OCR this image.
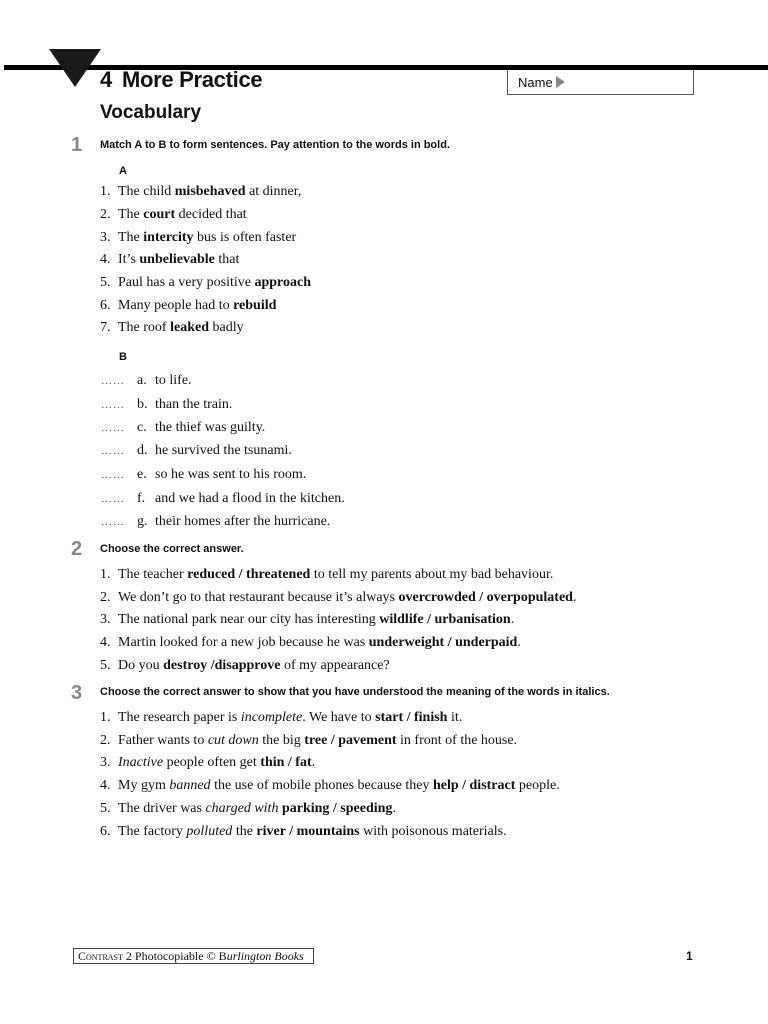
4 More Practice	Name
Vocabulary
1 Match A to B to form sentences. Pay attention to the words in bold.
A
1. The child misbehaved at dinner,
2. The court decided that
3. The intercity bus is often faster
4. It’s unbelievable that
5. Paul has a very positive approach
6. Many people had to rebuild
7. The roof leaked badly
B
…… a. to life.
…… b. than the train.
…… c. the thief was guilty.
…… d. he survived the tsunami.
…… e. so he was sent to his room.
…… f. and we had a flood in the kitchen.
…… g. their homes after the hurricane.
2 Choose the correct answer.
1. The teacher reduced / threatened to tell my parents about my bad behaviour.
2. We don’t go to that restaurant because it’s always overcrowded / overpopulated.
3. The national park near our city has interesting wildlife / urbanisation.
4. Martin looked for a new job because he was underweight / underpaid.
5. Do you destroy /disapprove of my appearance?
3 Choose the correct answer to show that you have understood the meaning of the words in italics.
1. The research paper is incomplete. We have to start / finish it.
2. Father wants to cut down the big tree / pavement in front of the house.
3. Inactive people often get thin / fat.
4. My gym banned the use of mobile phones because they help / distract people.
5. The driver was charged with parking / speeding.
6. The factory polluted the river / mountains with poisonous materials.
Contrast 2 Photocopiable © Burlington Books	1
